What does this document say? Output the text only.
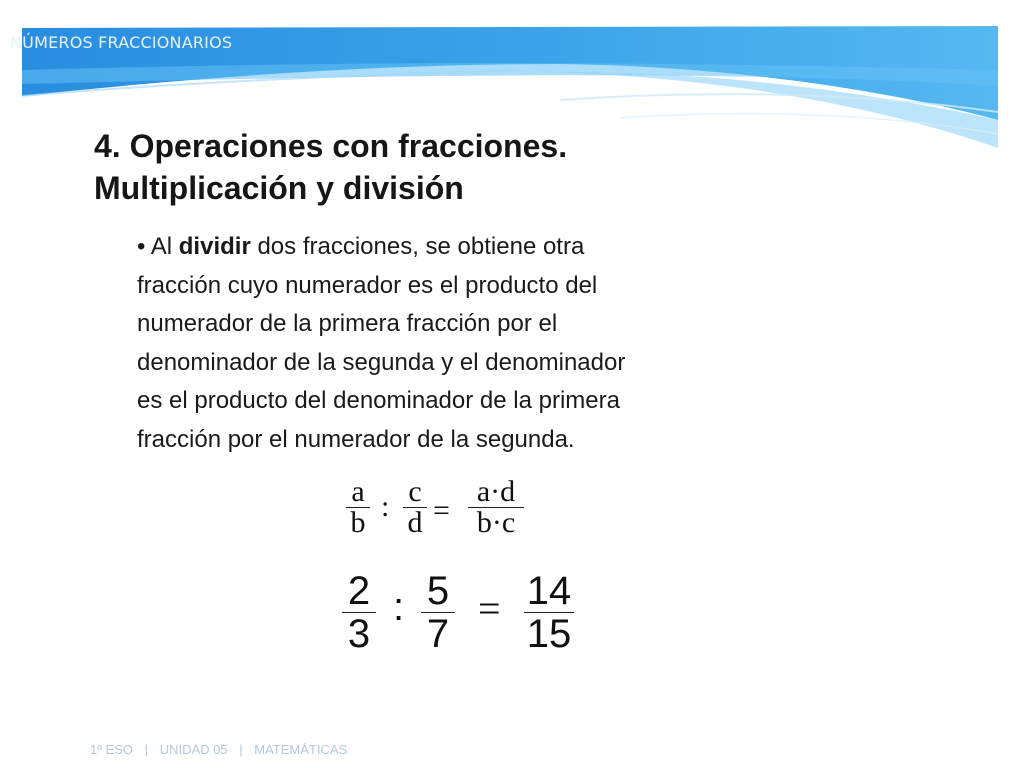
NÚMEROS FRACCIONARIOS
4. Operaciones con fracciones.
Multiplicación y división
• Al dividir dos fracciones, se obtiene otra
fracción cuyo numerador es el producto del
numerador de la primera fracción por el
denominador de la segunda y el denominador
es el producto del denominador de la primera
fracción por el numerador de la segunda.
a
b : c
d =
a·d
b·c
2
3
: 5
7
= 14
15
1º ESO | UNIDAD 05 | MATEMÁTICAS
